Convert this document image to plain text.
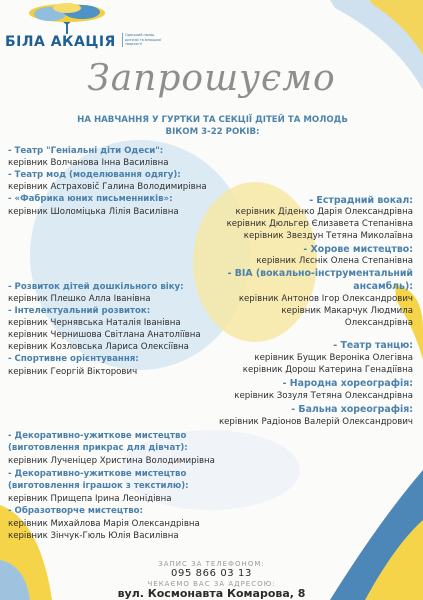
БІЛА АКАЦІЯ	Одеський палац дитячої та юнацької творчості
Запрошуємо
НА НАВЧАННЯ У ГУРТКИ ТА СЕКЦІЇ ДІТЕЙ ТА МОЛОДЬ
ВІКОМ 3-22 РОКІВ:
- Театр "Геніальні діти Одеси":
керівник Волчанова Інна Василівна
- Театр мод (моделювання одягу):
керівник Астраховič Галина Володимирівна
- «Фабрика юних письменників»:
керівник Шоломіцька Лілія Василівна
- Естрадний вокал:
керівник Діденко Дарія Олександрівна
керівник Дюльгер Єлизавета Степанівна
керівник Звездун Тетяна Миколаївна
- Хорове мистецтво:
керівник Лєснік Олена Степанівна
- ВІА (вокально-інструментальний
ансамбль):
- Розвиток дітей дошкільного віку:
керівник Плешко Алла Іванівна	керівник Антонов Ігор Олександрович
керівник Макарчук Людмила
Олександрівна
- Інтелектуальний розвиток:
керівник Чернявська Наталія Іванівна
керівник Чернишова Світлана Анатоліївна
керівник Козловська Лариса Олексіївна	- Театр танцю:
керівник Бущик Вероніка Олегівна
керівник Дорош Катерина Генадіївна
- Спортивне орієнтування:
керівник Георгій Вікторович
- Народна хореографія:
керівник Зозуля Тетяна Олександрівна
- Бальна хореографія:
керівник Радіонов Валерій Олександрович
- Декоративно-ужиткове мистецтво
(виготовлення прикрас для дівчат):
керівник Лученіцер Христина Володимирівна
- Декоративно-ужиткове мистецтво
(виготовлення іграшок з текстилю):
керівник Прищепа Ірина Леонідівна
- Образотворче мистецтво:
керівник Михайлова Марія Олександрівна
керівник Зінчук-Гюль Юлія Василівна
ЗАПИС ЗА ТЕЛЕФОНОМ:
095 866 03 13
ЧЕКАЄМО ВАС ЗА АДРЕСОЮ:
вул. Космонавта Комарова, 8
